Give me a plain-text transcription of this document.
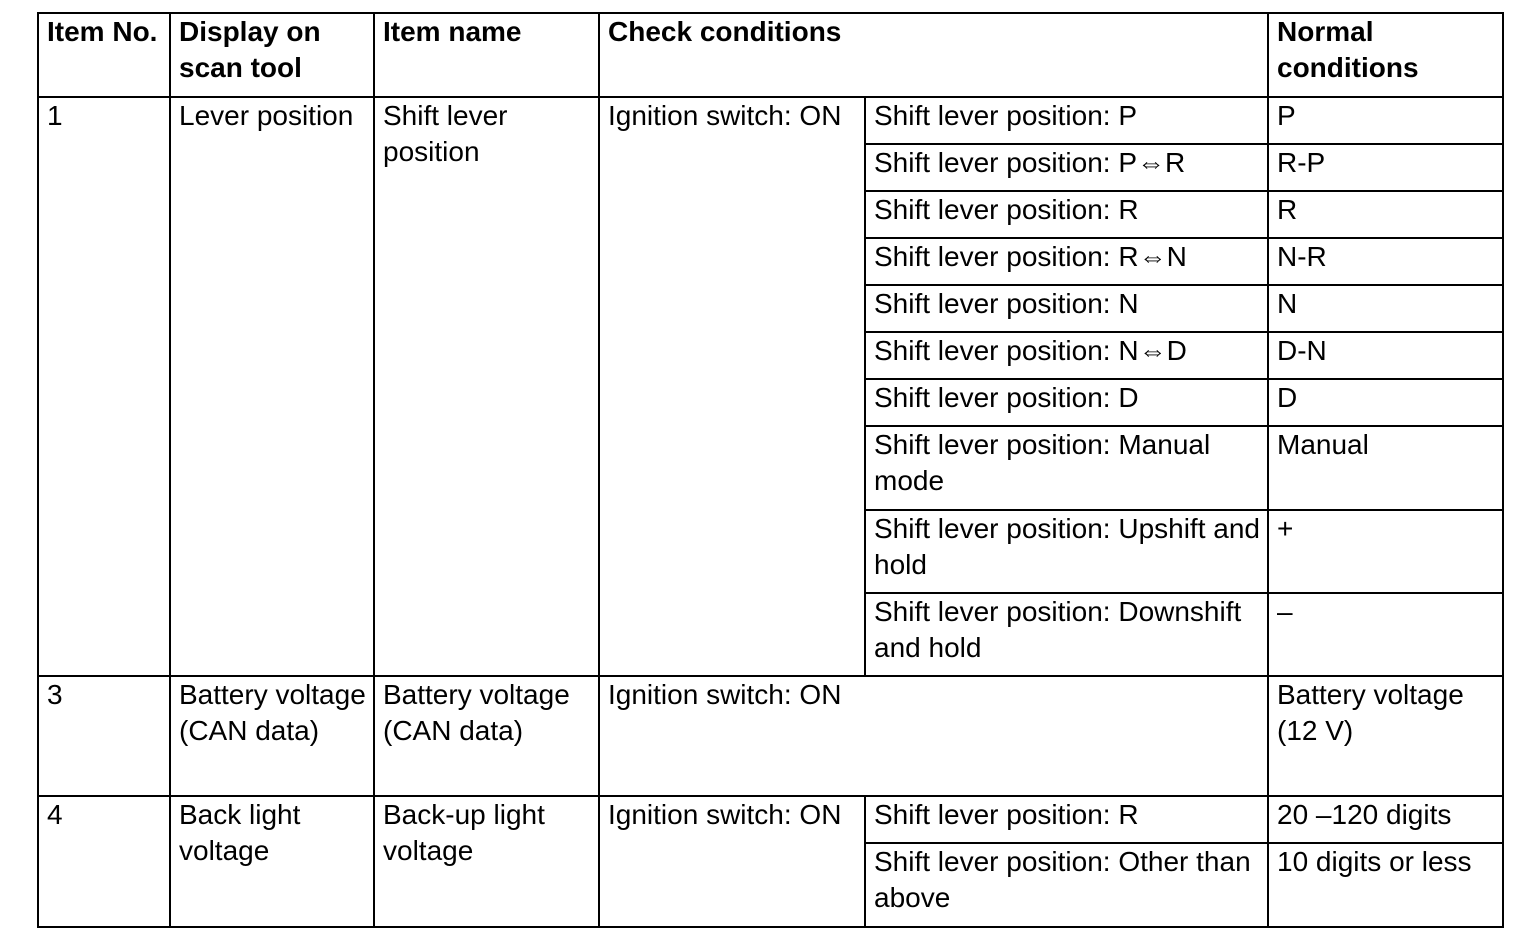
Item No.	Display on scan tool	Item name	Check conditions		Normal conditions
1	Lever position	Shift lever position	Ignition switch: ON	Shift lever position: P	P
				Shift lever position: P⇔R	R-P
				Shift lever position: R	R
				Shift lever position: R⇔N	N-R
				Shift lever position: N	N
				Shift lever position: N⇔D	D-N
				Shift lever position: D	D
				Shift lever position: Manual mode	Manual
				Shift lever position: Upshift and hold	+
				Shift lever position: Downshift and hold	–
3	Battery voltage (CAN data)	Battery voltage (CAN data)	Ignition switch: ON		Battery voltage (12 V)
4	Back light voltage	Back-up light voltage	Ignition switch: ON	Shift lever position: R	20 –120 digits
				Shift lever position: Other than above	10 digits or less
